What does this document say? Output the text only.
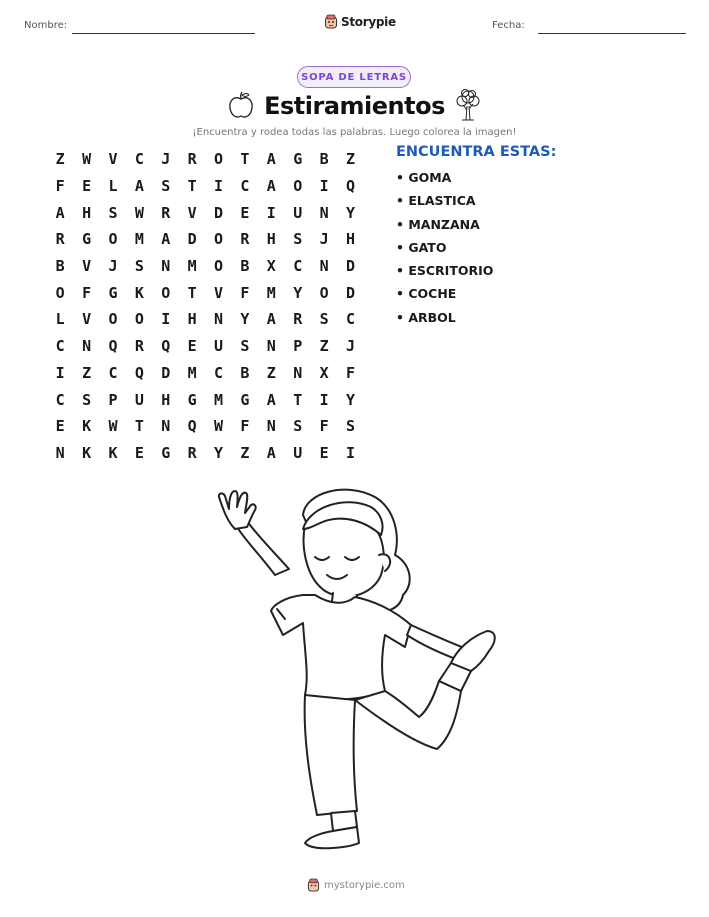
Nombre:	Storypie	Fecha:
SOPA DE LETRAS
Estiramientos
¡Encuentra y rodea todas las palabras. Luego colorea la imagen!
Z	W	V	C	J	R	O	T	A	G	B	Z
F	E	L	A	S	T	I	C	A	O	I	Q
A	H	S	W	R	V	D	E	I	U	N	Y
R	G	O	M	A	D	O	R	H	S	J	H
B	V	J	S	N	M	O	B	X	C	N	D
O	F	G	K	O	T	V	F	M	Y	O	D
L	V	O	O	I	H	N	Y	A	R	S	C
C	N	Q	R	Q	E	U	S	N	P	Z	J
I	Z	C	Q	D	M	C	B	Z	N	X	F
C	S	P	U	H	G	M	G	A	T	I	Y
E	K	W	T	N	Q	W	F	N	S	F	S
N	K	K	E	G	R	Y	Z	A	U	E	I
ENCUENTRA ESTAS:
• GOMA
• ELASTICA
• MANZANA
• GATO
• ESCRITORIO
• COCHE
• ARBOL
mystorypie.com
